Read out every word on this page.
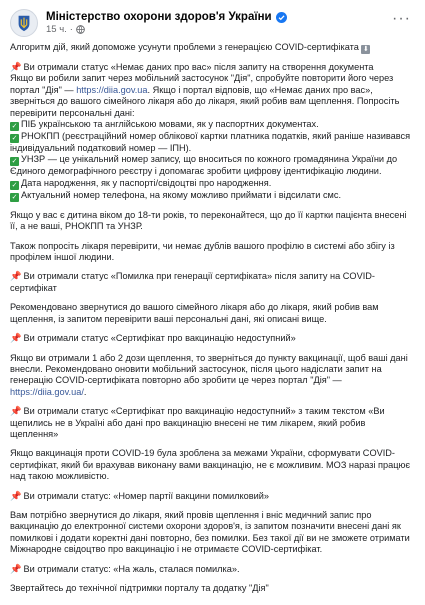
Міністерство охорони здоров'я України
15 ч. ·
···

Алгоритм дій, який допоможе усунути проблеми з генерацією COVID-сертифіката ⬇

📌 Ви отримали статус «Немає даних про вас» після запиту на створення документа
Якщо ви робили запит через мобільний застосунок "Дія", спробуйте повторити його через портал "Дія" — https://diia.gov.ua. Якщо і портал відповів, що «Немає даних про вас», зверніться до вашого сімейного лікаря або до лікаря, який робив вам щеплення. Попросіть перевірити персональні дані:
✓ ПІБ українською та англійською мовами, як у паспортних документах.
✓ РНОКПП (реєстраційний номер облікової картки платника податків, який раніше називався індивідуальний податковий номер — ІПН).
✓ УНЗР — це унікальний номер запису, що вноситься по кожного громадянина України до Єдиного демографічного реєстру і допомагає зробити цифрову ідентифікацію людини.
✓ Дата народження, як у паспорті/свідоцтві про народження.
✓ Актуальний номер телефона, на якому можливо приймати і відсилати смс.

Якщо у вас є дитина віком до 18-ти років, то переконайтеся, що до її картки пацієнта внесені її, а не ваші, РНОКПП та УНЗР.

Також попросіть лікаря перевірити, чи немає дублів вашого профілю в системі або збігу із профілем іншої людини.

📌 Ви отримали статус «Помилка при генерації сертифіката» після запиту на COVID-сертифікат

Рекомендовано звернутися до вашого сімейного лікаря або до лікаря, який робив вам щеплення, із запитом перевірити ваші персональні дані, які описані вище.

📌 Ви отримали статус «Сертифікат про вакцинацію недоступний»

Якщо ви отримали 1 або 2 дози щеплення, то зверніться до пункту вакцинації, щоб ваші дані внесли. Рекомендовано оновити мобільний застосунок, після цього надіслати запит на генерацію COVID-сертифіката повторно або зробити це через портал "Дія" — https://diia.gov.ua/.

📌 Ви отримали статус «Сертифікат про вакцинацію недоступний» з таким текстом «Ви щепились не в Україні або дані про вакцинацію внесені не тим лікарем, який робив щеплення»

Якщо вакцинація проти COVID-19 була зроблена за межами України, сформувати COVID-сертифікат, який би врахував виконану вами вакцинацію, не є можливим. МОЗ наразі працює над такою можливістю.

📌 Ви отримали статус: «Номер партії вакцини помилковий»

Вам потрібно звернутися до лікаря, який провів щеплення і вніс медичний запис про вакцинацію до електронної системи охорони здоров'я, із запитом позначити внесені дані як помилкові і додати коректні дані повторно, без помилки. Без такої дії ви не зможете отримати Міжнародне свідоцтво про вакцинацію і не отримаєте COVID-сертифікат.

📌 Ви отримали статус: «На жаль, сталася помилка».

Звертайтесь до технічної підтримки порталу та додатку "Дія"
